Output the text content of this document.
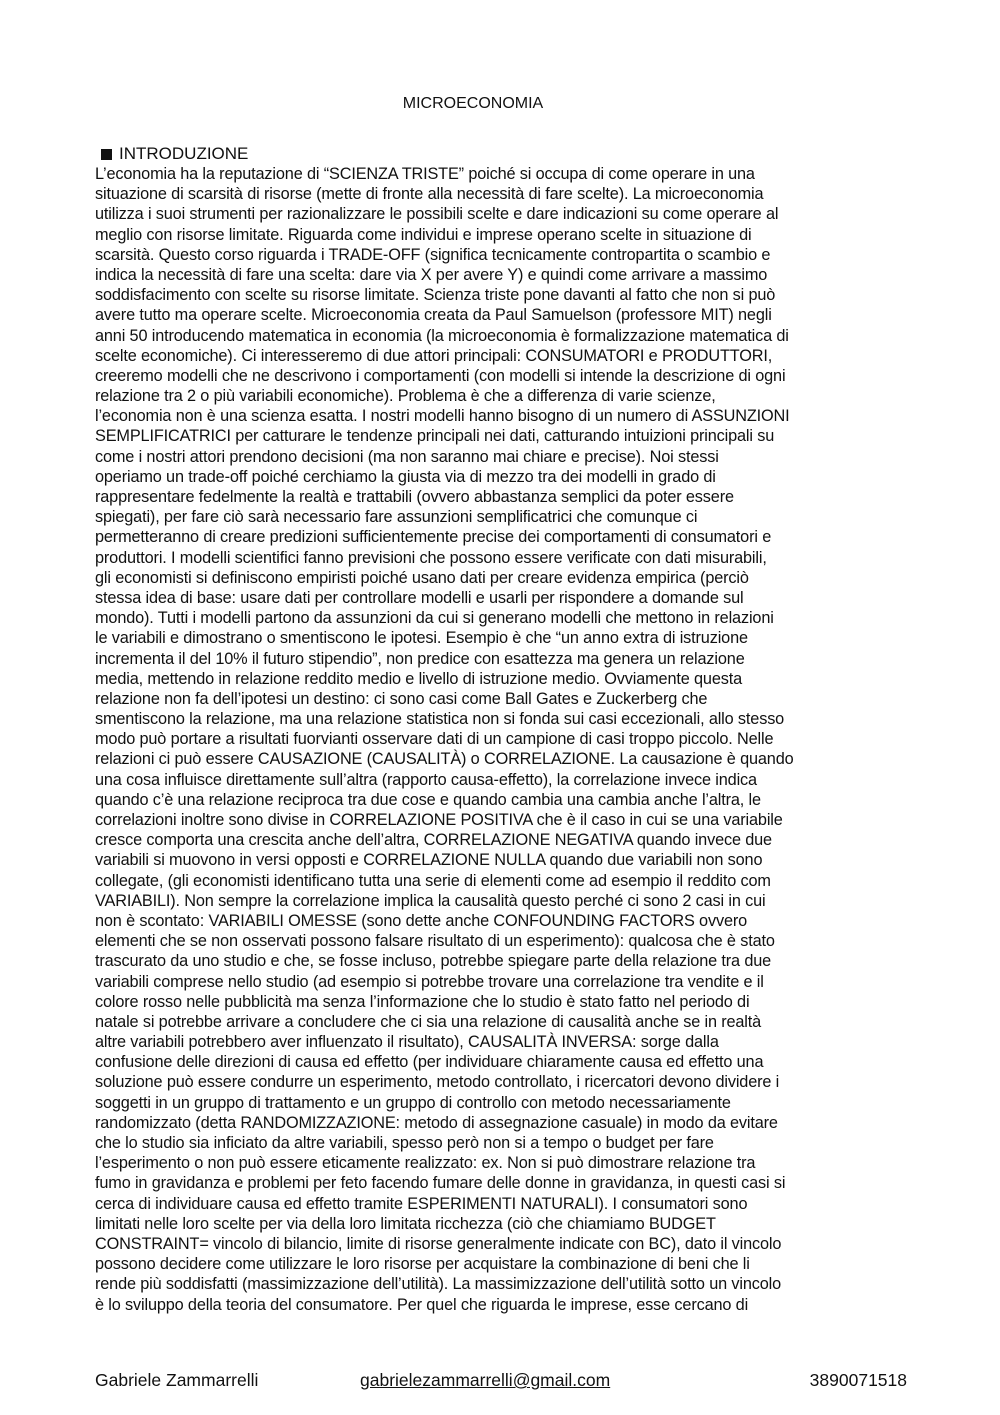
MICROECONOMIA
INTRODUZIONE
L’economia ha la reputazione di “SCIENZA TRISTE” poiché si occupa di come operare in una
situazione di scarsità di risorse (mette di fronte alla necessità di fare scelte). La microeconomia
utilizza i suoi strumenti per razionalizzare le possibili scelte e dare indicazioni su come operare al
meglio con risorse limitate. Riguarda come individui e imprese operano scelte in situazione di
scarsità. Questo corso riguarda i TRADE-OFF (significa tecnicamente contropartita o scambio e
indica la necessità di fare una scelta: dare via X per avere Y) e quindi come arrivare a massimo
soddisfacimento con scelte su risorse limitate. Scienza triste pone davanti al fatto che non si può
avere tutto ma operare scelte. Microeconomia creata da Paul Samuelson (professore MIT) negli
anni 50 introducendo matematica in economia (la microeconomia è formalizzazione matematica di
scelte economiche). Ci interesseremo di due attori principali: CONSUMATORI e PRODUTTORI,
creeremo modelli che ne descrivono i comportamenti (con modelli si intende la descrizione di ogni
relazione tra 2 o più variabili economiche). Problema è che a differenza di varie scienze,
l’economia non è una scienza esatta. I nostri modelli hanno bisogno di un numero di ASSUNZIONI
SEMPLIFICATRICI per catturare le tendenze principali nei dati, catturando intuizioni principali su
come i nostri attori prendono decisioni (ma non saranno mai chiare e precise). Noi stessi
operiamo un trade-off poiché cerchiamo la giusta via di mezzo tra dei modelli in grado di
rappresentare fedelmente la realtà e trattabili (ovvero abbastanza semplici da poter essere
spiegati), per fare ciò sarà necessario fare assunzioni semplificatrici che comunque ci
permetteranno di creare predizioni sufficientemente precise dei comportamenti di consumatori e
produttori. I modelli scientifici fanno previsioni che possono essere verificate con dati misurabili,
gli economisti si definiscono empiristi poiché usano dati per creare evidenza empirica (perciò
stessa idea di base: usare dati per controllare modelli e usarli per rispondere a domande sul
mondo). Tutti i modelli partono da assunzioni da cui si generano modelli che mettono in relazioni
le variabili e dimostrano o smentiscono le ipotesi. Esempio è che “un anno extra di istruzione
incrementa il del 10% il futuro stipendio”, non predice con esattezza ma genera un relazione
media, mettendo in relazione reddito medio e livello di istruzione medio. Ovviamente questa
relazione non fa dell’ipotesi un destino: ci sono casi come Ball Gates e Zuckerberg che
smentiscono la relazione, ma una relazione statistica non si fonda sui casi eccezionali, allo stesso
modo può portare a risultati fuorvianti osservare dati di un campione di casi troppo piccolo. Nelle
relazioni ci può essere CAUSAZIONE (CAUSALITÀ) o CORRELAZIONE. La causazione è quando
una cosa influisce direttamente sull’altra (rapporto causa-effetto), la correlazione invece indica
quando c’è una relazione reciproca tra due cose e quando cambia una cambia anche l’altra, le
correlazioni inoltre sono divise in CORRELAZIONE POSITIVA che è il caso in cui se una variabile
cresce comporta una crescita anche dell’altra, CORRELAZIONE NEGATIVA quando invece due
variabili si muovono in versi opposti e CORRELAZIONE NULLA quando due variabili non sono
collegate, (gli economisti identificano tutta una serie di elementi come ad esempio il reddito com
VARIABILI). Non sempre la correlazione implica la causalità questo perché ci sono 2 casi in cui
non è scontato: VARIABILI OMESSE (sono dette anche CONFOUNDING FACTORS ovvero
elementi che se non osservati possono falsare risultato di un esperimento): qualcosa che è stato
trascurato da uno studio e che, se fosse incluso, potrebbe spiegare parte della relazione tra due
variabili comprese nello studio (ad esempio si potrebbe trovare una correlazione tra vendite e il
colore rosso nelle pubblicità ma senza l’informazione che lo studio è stato fatto nel periodo di
natale si potrebbe arrivare a concludere che ci sia una relazione di causalità anche se in realtà
altre variabili potrebbero aver influenzato il risultato), CAUSALITÀ INVERSA: sorge dalla
confusione delle direzioni di causa ed effetto (per individuare chiaramente causa ed effetto una
soluzione può essere condurre un esperimento, metodo controllato, i ricercatori devono dividere i
soggetti in un gruppo di trattamento e un gruppo di controllo con metodo necessariamente
randomizzato (detta RANDOMIZZAZIONE: metodo di assegnazione casuale) in modo da evitare
che lo studio sia inficiato da altre variabili, spesso però non si a tempo o budget per fare
l’esperimento o non può essere eticamente realizzato: ex. Non si può dimostrare relazione tra
fumo in gravidanza e problemi per feto facendo fumare delle donne in gravidanza, in questi casi si
cerca di individuare causa ed effetto tramite ESPERIMENTI NATURALI). I consumatori sono
limitati nelle loro scelte per via della loro limitata ricchezza (ciò che chiamiamo BUDGET
CONSTRAINT= vincolo di bilancio, limite di risorse generalmente indicate con BC), dato il vincolo
possono decidere come utilizzare le loro risorse per acquistare la combinazione di beni che li
rende più soddisfatti (massimizzazione dell’utilità). La massimizzazione dell’utilità sotto un vincolo
è lo sviluppo della teoria del consumatore. Per quel che riguarda le imprese, esse cercano di
Gabriele Zammarrelli	gabrielezammarrelli@gmail.com	3890071518
